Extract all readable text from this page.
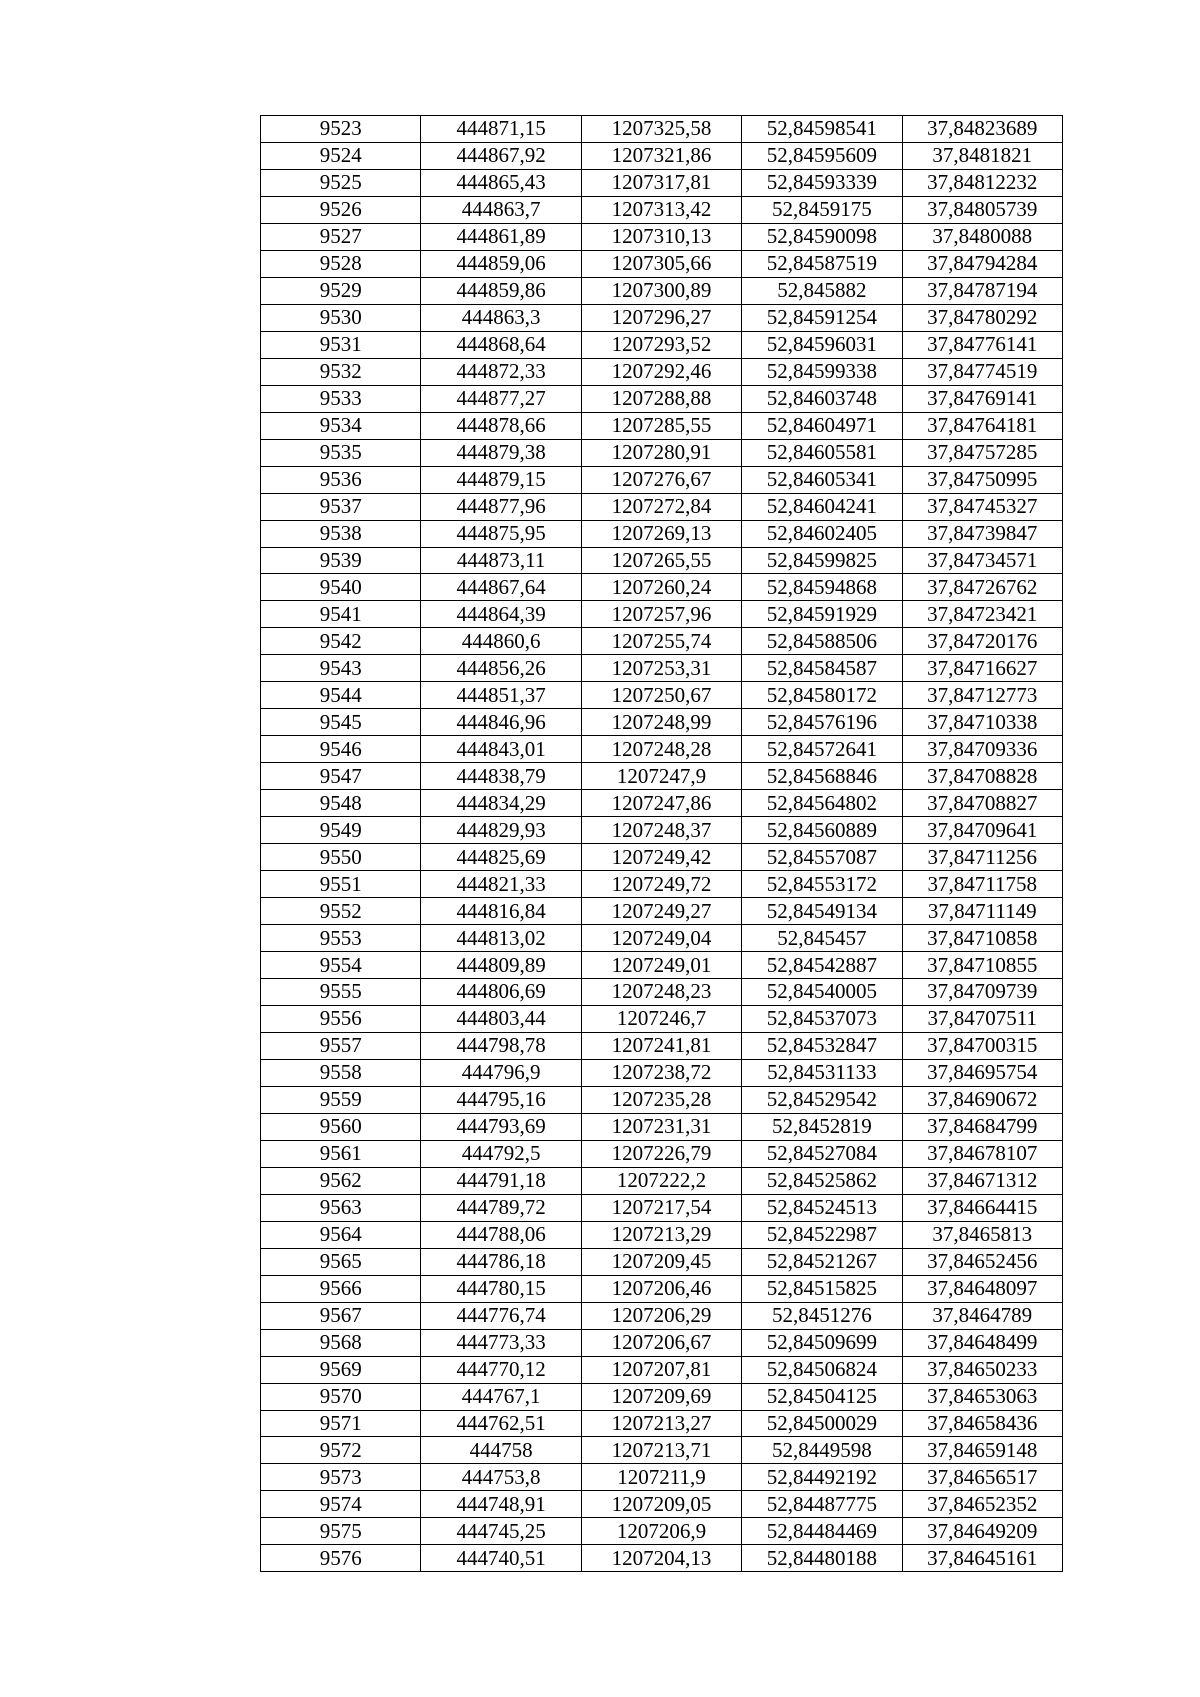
9523	444871,15	1207325,58	52,84598541	37,84823689
9524	444867,92	1207321,86	52,84595609	37,8481821
9525	444865,43	1207317,81	52,84593339	37,84812232
9526	444863,7	1207313,42	52,8459175	37,84805739
9527	444861,89	1207310,13	52,84590098	37,8480088
9528	444859,06	1207305,66	52,84587519	37,84794284
9529	444859,86	1207300,89	52,845882	37,84787194
9530	444863,3	1207296,27	52,84591254	37,84780292
9531	444868,64	1207293,52	52,84596031	37,84776141
9532	444872,33	1207292,46	52,84599338	37,84774519
9533	444877,27	1207288,88	52,84603748	37,84769141
9534	444878,66	1207285,55	52,84604971	37,84764181
9535	444879,38	1207280,91	52,84605581	37,84757285
9536	444879,15	1207276,67	52,84605341	37,84750995
9537	444877,96	1207272,84	52,84604241	37,84745327
9538	444875,95	1207269,13	52,84602405	37,84739847
9539	444873,11	1207265,55	52,84599825	37,84734571
9540	444867,64	1207260,24	52,84594868	37,84726762
9541	444864,39	1207257,96	52,84591929	37,84723421
9542	444860,6	1207255,74	52,84588506	37,84720176
9543	444856,26	1207253,31	52,84584587	37,84716627
9544	444851,37	1207250,67	52,84580172	37,84712773
9545	444846,96	1207248,99	52,84576196	37,84710338
9546	444843,01	1207248,28	52,84572641	37,84709336
9547	444838,79	1207247,9	52,84568846	37,84708828
9548	444834,29	1207247,86	52,84564802	37,84708827
9549	444829,93	1207248,37	52,84560889	37,84709641
9550	444825,69	1207249,42	52,84557087	37,84711256
9551	444821,33	1207249,72	52,84553172	37,84711758
9552	444816,84	1207249,27	52,84549134	37,84711149
9553	444813,02	1207249,04	52,845457	37,84710858
9554	444809,89	1207249,01	52,84542887	37,84710855
9555	444806,69	1207248,23	52,84540005	37,84709739
9556	444803,44	1207246,7	52,84537073	37,84707511
9557	444798,78	1207241,81	52,84532847	37,84700315
9558	444796,9	1207238,72	52,84531133	37,84695754
9559	444795,16	1207235,28	52,84529542	37,84690672
9560	444793,69	1207231,31	52,8452819	37,84684799
9561	444792,5	1207226,79	52,84527084	37,84678107
9562	444791,18	1207222,2	52,84525862	37,84671312
9563	444789,72	1207217,54	52,84524513	37,84664415
9564	444788,06	1207213,29	52,84522987	37,8465813
9565	444786,18	1207209,45	52,84521267	37,84652456
9566	444780,15	1207206,46	52,84515825	37,84648097
9567	444776,74	1207206,29	52,8451276	37,8464789
9568	444773,33	1207206,67	52,84509699	37,84648499
9569	444770,12	1207207,81	52,84506824	37,84650233
9570	444767,1	1207209,69	52,84504125	37,84653063
9571	444762,51	1207213,27	52,84500029	37,84658436
9572	444758	1207213,71	52,8449598	37,84659148
9573	444753,8	1207211,9	52,84492192	37,84656517
9574	444748,91	1207209,05	52,84487775	37,84652352
9575	444745,25	1207206,9	52,84484469	37,84649209
9576	444740,51	1207204,13	52,84480188	37,84645161
